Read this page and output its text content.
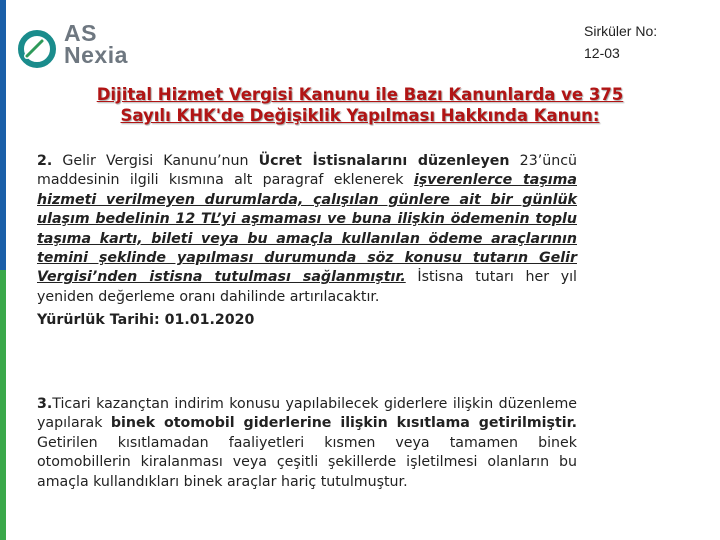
AS
Nexia
Sirküler No:
12-03
Dijital Hizmet Vergisi Kanunu ile Bazı Kanunlarda ve 375
Sayılı KHK'de Değişiklik Yapılması Hakkında Kanun:
2. Gelir Vergisi Kanunu’nun Ücret İstisnalarını düzenleyen 23’üncü maddesinin ilgili kısmına alt paragraf eklenerek işverenlerce taşıma hizmeti verilmeyen durumlarda, çalışılan günlere ait bir günlük ulaşım bedelinin 12 TL’yi aşmaması ve buna ilişkin ödemenin toplu taşıma kartı, bileti veya bu amaçla kullanılan ödeme araçlarının temini şeklinde yapılması durumunda söz konusu tutarın Gelir Vergisi’nden istisna tutulması sağlanmıştır. İstisna tutarı her yıl yeniden değerleme oranı dahilinde artırılacaktır.
Yürürlük Tarihi: 01.01.2020
3.Ticari kazançtan indirim konusu yapılabilecek giderlere ilişkin düzenleme yapılarak binek otomobil giderlerine ilişkin kısıtlama getirilmiştir. Getirilen kısıtlamadan faaliyetleri kısmen veya tamamen binek otomobillerin kiralanması veya çeşitli şekillerde işletilmesi olanların bu amaçla kullandıkları binek araçlar hariç tutulmuştur.
